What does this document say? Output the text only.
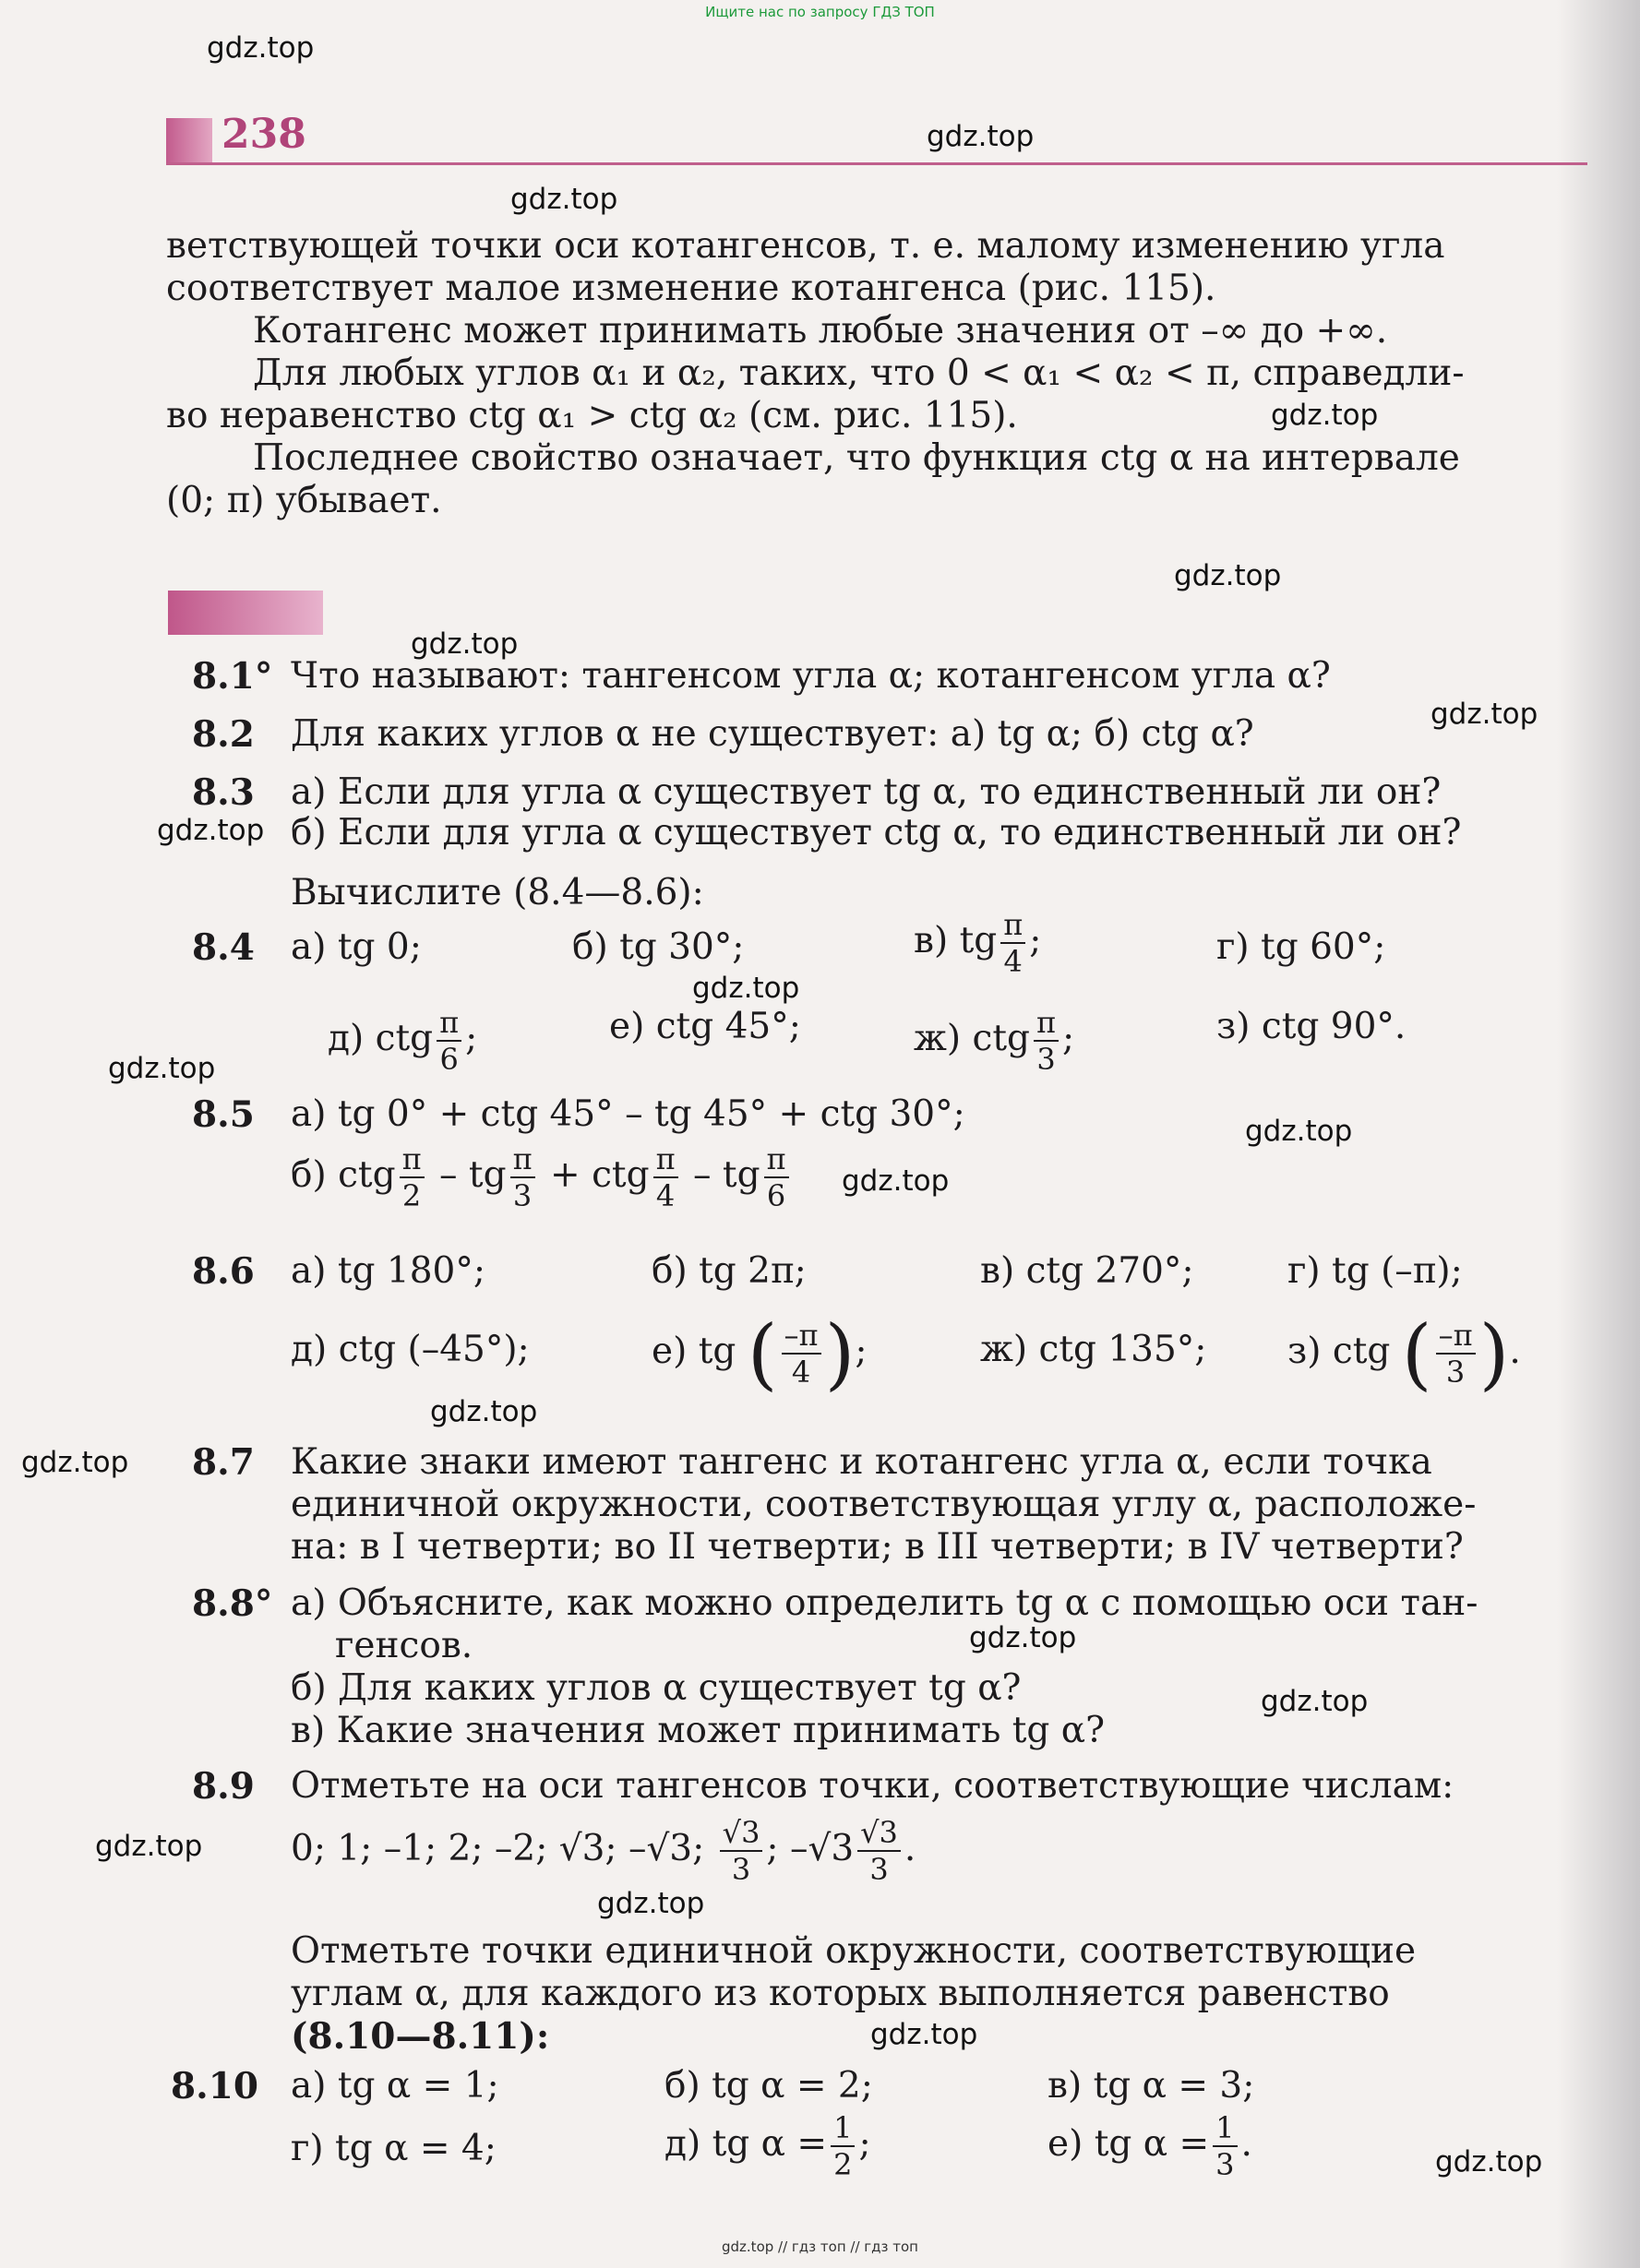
Ищите нас по запросу ГДЗ ТОП
gdz.top
gdz.top
gdz.top
gdz.top
gdz.top
gdz.top
gdz.top
gdz.top
gdz.top
gdz.top
gdz.top
gdz.top
gdz.top
gdz.top
gdz.top
gdz.top
gdz.top
gdz.top
gdz.top
gdz.top
238
ветствующей точки оси котангенсов, т. е. малому изменению угла
соответствует малое изменение котангенса (рис. 115).
Котангенс может принимать любые значения от –∞ до +∞.
Для любых углов α₁ и α₂, таких, что 0 < α₁ < α₂ < π, справедли-
во неравенство ctg α₁ > ctg α₂ (см. рис. 115).
Последнее свойство означает, что функция ctg α на интервале
(0; π) убывает.
8.1° Что называют: тангенсом угла α; котангенсом угла α?
8.2 Для каких углов α не существует: а) tg α; б) ctg α?
8.3 а) Если для угла α существует tg α, то единственный ли он?
б) Если для угла α существует ctg α, то единственный ли он?
Вычислите (8.4—8.6):
8.4 а) tg 0;	б) tg 30°;	в) tg $\frac{\pi}{4}$ ;	г) tg 60°;
д) ctg $\frac{\pi}{6}$ ;	е) ctg 45°;	ж) ctg $\frac{\pi}{3}$ ;	з) ctg 90°.
8.5 а) tg 0° + ctg 45° – tg 45° + ctg 30°;
б) ctg $\frac{\pi}{2}$ – tg $\frac{\pi}{3}$ + ctg $\frac{\pi}{4}$ – tg $\frac{\pi}{6}$
8.6 а) tg 180°;	б) tg 2π;	в) ctg 270°;	г) tg (–π);
д) ctg (–45°);	е) tg ( $\frac{-\pi}{4}$ );	ж) ctg 135°; з) ctg ( $\frac{-\pi}{3}$ ).
8.7 Какие знаки имеют тангенс и котангенс угла α, если точка
единичной окружности, соответствующая углу α, расположе-
на: в I четверти; во II четверти; в III четверти; в IV четверти?
8.8° а) Объясните, как можно определить tg α с помощью оси тан-
генсов.
б) Для каких углов α существует tg α?
в) Какие значения может принимать tg α?
8.9 Отметьте на оси тангенсов точки, соответствующие числам:
0; 1; –1; 2; –2; √3; –√3; $\frac{√3}{3}$ ; $-√3 \frac{√3}{3}$ .
Отметьте точки единичной окружности, соответствующие
углам α, для каждого из которых выполняется равенство
(8.10—8.11):
8.10 а) tg α = 1;	б) tg α = 2;	в) tg α = 3;
г) tg α = 4;	д) tg $\alpha = \frac{1}{2}$ ;	е) tg $\alpha = \frac{1}{3}$ .
gdz.top // гдз топ // гдз топ
